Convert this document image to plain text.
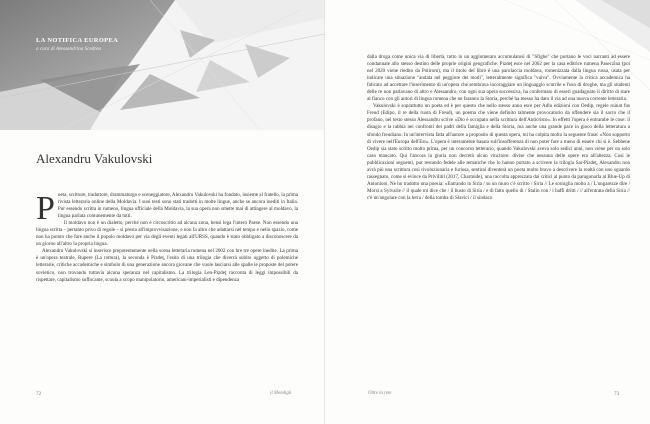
LA NOTIFICA EUROPEA
a cura di Alessandrina Scedrea
Alexandru Vakulovski

Poeta, scrittore, traduttore, drammaturgo e sceneggiatore, Alexandru Vakulovski ha fondato, insieme al fratello, la prima rivista letteraria online della Moldavia. I suoi testi sono stati tradotti in molte lingue, anche se ancora inediti in Italia. Pur essendo scritta in rumeno, lingua ufficiale della Moldavia, la sua opera non smette mai di attingere al moldavo, la lingua parlata comunemente da tutti.

Il moldavo non è un dialetto, perché non è circoscritto ad alcuna zona, bensì lega l'intero Paese. Non essendo una lingua scritta – pertanto privo di regole – si presta all'improvvisazione, e non fa altro che adattarsi nel tempo e nello spazio, come non ha potuto che fare anche il popolo moldavo per via degli eventi legati all'URSS, quando è stato obbligato a disconoscere da un giorno all'altro la propria lingua.

Alexandru Vakulovski si inserisce prepotentemente nella scena letteraria rumena nel 2002 con hre tre opere inedite. La prima è un'opera teatrale, Rupere (La rottura), la seconda è Pizdeţ, l'esito di una trilogia che diverrà subito oggetto di polemiche letterarie, critiche accademiche e simbolo di una generazione ancora giovane che vuole lasciarsi alle spalle le proposte del potere sovietico, non trovando tuttavia alcuna speranza nel capitalismo. La trilogia Len-Pizdeţ racconta di leggi impossibili da rispettare, capitalismo soffocante, scuola a scopo manipolatorio, americani-imperialisti e dipendenza

72	il Mondigli

dalla droga come unica via di libertà, tutto in un agglomerato accumulatosi di "Sfighe" che portano le voci narranti ad essere condannate allo stesso destino delle proprie origini geografiche. Pizdeţ esce nel 2002 per la casa editrice rumena Paseczina (poi nel 2020 viene riedito da Polirom), ma il titolo del libro è una parolaccia moldava, romenizzata dalla lingua russa, usata per indicare una situazione "andata nel peggiore dei modi", letteralmente significa "vulva". Ovviamente la critica accademica ha faticato ad accettare l'inserimento di un'opera che sembrava incoraggiare un linguaggio scurrile e l'uso di droghe, ma gli studenti delle re non parlavano di altro e Alessandro, con ogni sua opera successiva, ha confermato di esseri guadagnato il diritto di stare al fianco con gli autori di lingua romena che ne faranno la Storia, perché ha messo ha dato il via ad una nuova corrente letteraria.

Vakulovski è soprattutto un poeta ed è per questo che nello stesso anno esce per Adlu edizioni con Oedip, regele ruinat fus Freud (Edipo, il re della ruota di Freud), un poema che viene definito talmente provocatorio da offendere sia il sacro che il profano, nel testo stesso Alessandru scrive «Dio è occupato nella scrittura dell'Anticristo». In effetti l'opera è entrambe le cose: il disagio e la rabbia nei confronti dei padri della famiglia e della Storia, ma anche una grande pace in gioco della letteratura a sfondo freudiano. In un'intervista fatta all'autore a proposito di questa opera, mi ha colpita molto la seguente frase: «Non sopporto di vivere nell'Europa dell'Est». L'opera è interamente basata sull'insofferenza di non poter fare a meno di essere chi si è. Sebbene Oedip sia stato scritto molto prima, per un concorso letterario, quando Vakulovski aveva solo sedici anni, non viene per un solo caso mancato. Qui l'ancora la giuria non decretò alcun vincitore: divise che nessuna delle opere era all'altezza. Così le pubblicazioni seguenti, pur restando fedele alle tematiche che lo hanno portato a scrivere la trilogia Sar-Pizdeţ, Alexandru non avrà più una scrittura così rivoluzionaria e furiosa, sentirai diventerà un poeta molto bravo a descrivere la realtà con uno sguardo rassegnato, come si evince da Privilitil (2017, Charmide), una raccolta apprezzata dai critici al punto da paragonarla al Blue-Up di Antonioni. Ne ho tradotto una poesia: «Entrando in Siria / su un muro c'è scritto / Siria // Le sorniglia molto a / L'ungarezze dire / Morsi a Sylvarie // il quale mi dice che / il busto di Siria / e di fatto quello di / Stalin con / i baffi dritti / // all'entrata della Siria // c'è un'angolare con la terra / della tomba di Slavici / il sindaco

Oltre la rete	73
